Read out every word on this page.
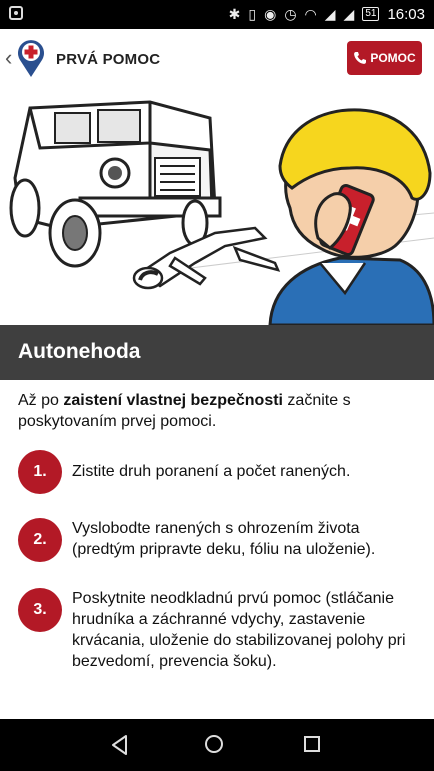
✱ ▯ ◉ ◷ ◠ ◢ ◢	51 16:03
‹	PRVÁ POMOC	POMOC
Autonehoda
Až po zaistení vlastnej bezpečnosti začnite s poskytovaním prvej pomoci.
1.	Zistite druh poranení a počet ranených.
2.
Vyslobodte ranených s ohrozením života (predtým pripravte deku, fóliu na uloženie).
3.
Poskytnite neodkladnú prvú pomoc (stláčanie hrudníka a záchranné vdychy, zastavenie krvácania, uloženie do stabilizovanej polohy pri bezvedomí, prevencia šoku).
